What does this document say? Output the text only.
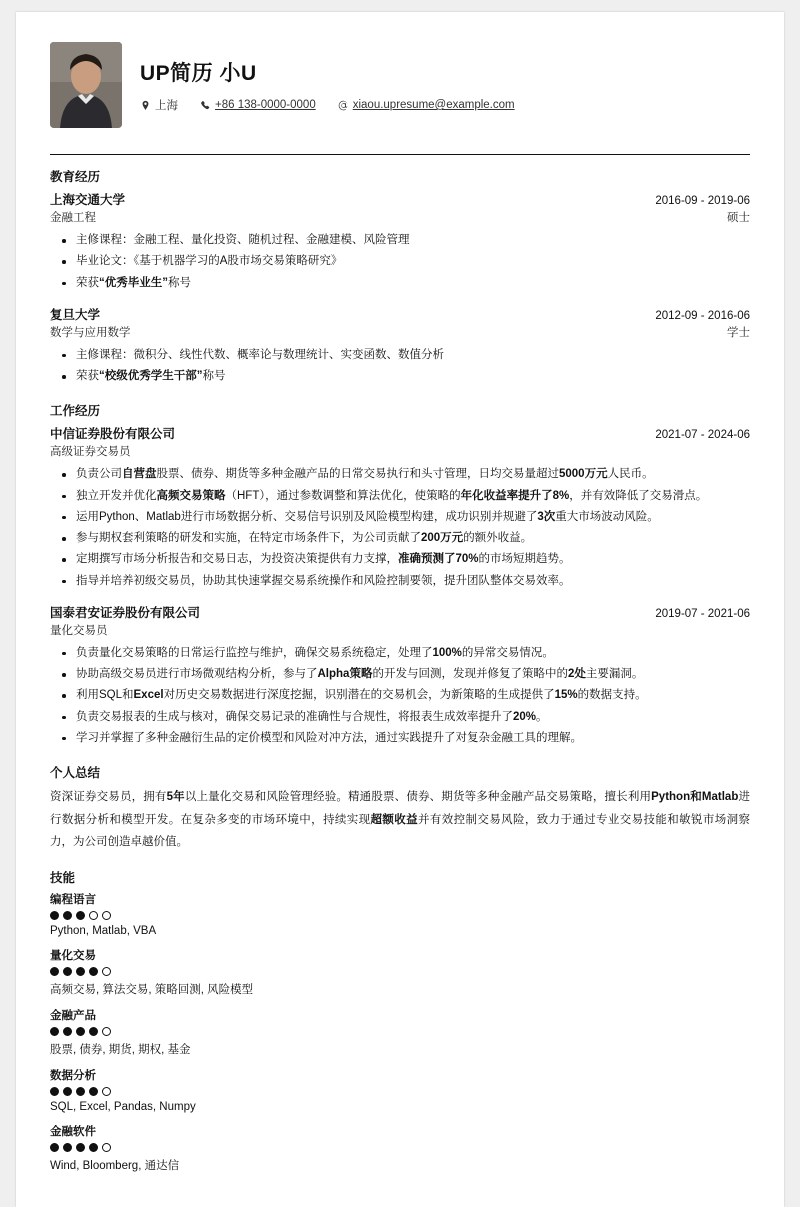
UP简历 小U
上海	+86 138-0000-0000	xiaou.upresume@example.com
教育经历
上海交通大学	2016-09 - 2019-06
金融工程	硕士
主修课程：金融工程、量化投资、随机过程、金融建模、风险管理
毕业论文：《基于机器学习的A股市场交易策略研究》
荣获“优秀毕业生”称号
复旦大学	2012-09 - 2016-06
数学与应用数学	学士
主修课程：微积分、线性代数、概率论与数理统计、实变函数、数值分析
荣获“校级优秀学生干部”称号
工作经历
中信证券股份有限公司	2021-07 - 2024-06
高级证券交易员
负责公司自营盘股票、债券、期货等多种金融产品的日常交易执行和头寸管理，日均交易量超过5000万元人民币。
独立开发并优化高频交易策略（HFT），通过参数调整和算法优化，使策略的年化收益率提升了8%，并有效降低了交易滑点。
运用Python、Matlab进行市场数据分析、交易信号识别及风险模型构建，成功识别并规避了3次重大市场波动风险。
参与期权套利策略的研发和实施，在特定市场条件下，为公司贡献了200万元的额外收益。
定期撰写市场分析报告和交易日志，为投资决策提供有力支撑，准确预测了70%的市场短期趋势。
指导并培养初级交易员，协助其快速掌握交易系统操作和风险控制要领，提升团队整体交易效率。
国泰君安证券股份有限公司	2019-07 - 2021-06
量化交易员
负责量化交易策略的日常运行监控与维护，确保交易系统稳定，处理了100%的异常交易情况。
协助高级交易员进行市场微观结构分析，参与了Alpha策略的开发与回测，发现并修复了策略中的2处主要漏洞。
利用SQL和Excel对历史交易数据进行深度挖掘，识别潜在的交易机会，为新策略的生成提供了15%的数据支持。
负责交易报表的生成与核对，确保交易记录的准确性与合规性，将报表生成效率提升了20%。
学习并掌握了多种金融衍生品的定价模型和风险对冲方法，通过实践提升了对复杂金融工具的理解。
个人总结
资深证券交易员，拥有5年以上量化交易和风险管理经验。精通股票、债券、期货等多种金融产品交易策略，擅长利用Python和Matlab进行数据分析和模型开发。在复杂多变的市场环境中，持续实现超额收益并有效控制交易风险，致力于通过专业交易技能和敏锐市场洞察力，为公司创造卓越价值。
技能
编程语言
Python, Matlab, VBA
量化交易
高频交易, 算法交易, 策略回测, 风险模型
金融产品
股票, 债券, 期货, 期权, 基金
数据分析
SQL, Excel, Pandas, Numpy
金融软件
Wind, Bloomberg, 通达信
